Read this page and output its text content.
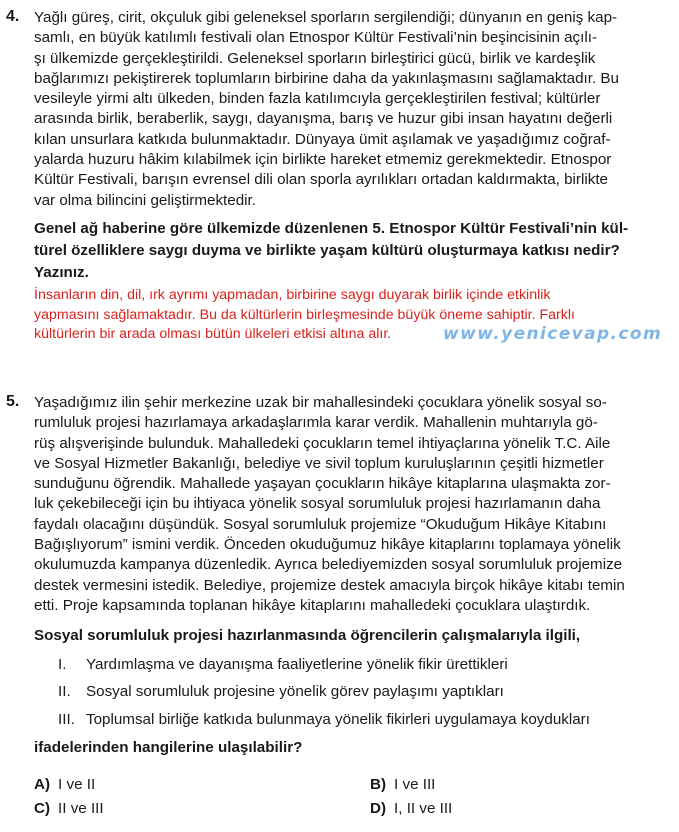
4. Yağlı güreş, cirit, okçuluk gibi geleneksel sporların sergilendiği; dünyanın en geniş kap-
samlı, en büyük katılımlı festivali olan Etnospor Kültür Festivali’nin beşincisinin açılı-
şı ülkemizde gerçekleştirildi. Geleneksel sporların birleştirici gücü, birlik ve kardeşlik
bağlarımızı pekiştirerek toplumların birbirine daha da yakınlaşmasını sağlamaktadır. Bu
vesileyle yirmi altı ülkeden, binden fazla katılımcıyla gerçekleştirilen festival; kültürler
arasında birlik, beraberlik, saygı, dayanışma, barış ve huzur gibi insan hayatını değerli
kılan unsurlara katkıda bulunmaktadır. Dünyaya ümit aşılamak ve yaşadığımız coğraf-
yalarda huzuru hâkim kılabilmek için birlikte hareket etmemiz gerekmektedir. Etnospor
Kültür Festivali, barışın evrensel dili olan sporla ayrılıkları ortadan kaldırmakta, birlikte
var olma bilincini geliştirmektedir.
Genel ağ haberine göre ülkemizde düzenlenen 5. Etnospor Kültür Festivali’nin kül-
türel özelliklere saygı duyma ve birlikte yaşam kültürü oluşturmaya katkısı nedir?
Yazınız.
İnsanların din, dil, ırk ayrımı yapmadan, birbirine saygı duyarak birlik içinde etkinlik
yapmasını sağlamaktadır. Bu da kültürlerin birleşmesinde büyük öneme sahiptir. Farklı
kültürlerin bir arada olması bütün ülkeleri etkisi altına alır.	www.yenicevap.com
5. Yaşadığımız ilin şehir merkezine uzak bir mahallesindeki çocuklara yönelik sosyal so-
rumluluk projesi hazırlamaya arkadaşlarımla karar verdik. Mahallenin muhtarıyla gö-
rüş alışverişinde bulunduk. Mahalledeki çocukların temel ihtiyaçlarına yönelik T.C. Aile
ve Sosyal Hizmetler Bakanlığı, belediye ve sivil toplum kuruluşlarının çeşitli hizmetler
sunduğunu öğrendik. Mahallede yaşayan çocukların hikâye kitaplarına ulaşmakta zor-
luk çekebileceği için bu ihtiyaca yönelik sosyal sorumluluk projesi hazırlamanın daha
faydalı olacağını düşündük. Sosyal sorumluluk projemize “Okuduğum Hikâye Kitabını
Bağışlıyorum” ismini verdik. Önceden okuduğumuz hikâye kitaplarını toplamaya yönelik
okulumuzda kampanya düzenledik. Ayrıca belediyemizden sosyal sorumluluk projemize
destek vermesini istedik. Belediye, projemize destek amacıyla birçok hikâye kitabı temin
etti. Proje kapsamında toplanan hikâye kitaplarını mahalledeki çocuklara ulaştırdık.
Sosyal sorumluluk projesi hazırlanmasında öğrencilerin çalışmalarıyla ilgili,
I. Yardımlaşma ve dayanışma faaliyetlerine yönelik fikir ürettikleri
II. Sosyal sorumluluk projesine yönelik görev paylaşımı yaptıkları
III. Toplumsal birliğe katkıda bulunmaya yönelik fikirleri uygulamaya koydukları
ifadelerinden hangilerine ulaşılabilir?
A) I ve II	B) I ve III
C) II ve III	D) I, II ve III
